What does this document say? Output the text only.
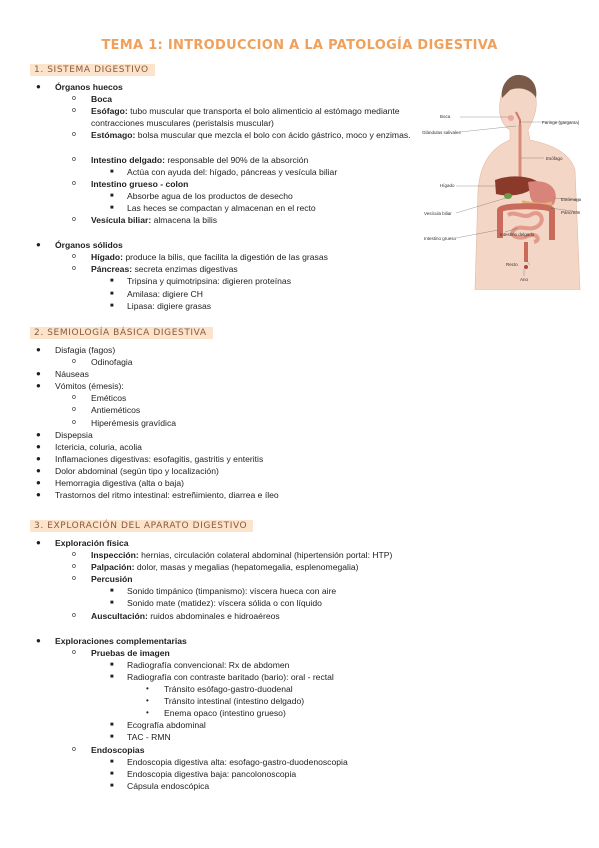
TEMA 1: INTRODUCCION A LA PATOLOGÍA DIGESTIVA
1. SISTEMA DIGESTIVO
● Órganos huecos
o Boca
o Esófago: tubo muscular que transporta el bolo alimenticio al estómago mediante contracciones musculares (peristalsis muscular)
o Estómago: bolsa muscular que mezcla el bolo con ácido gástrico, moco y enzimas.
o Intestino delgado: responsable del 90% de la absorción
■ Actúa con ayuda del: hígado, páncreas y vesícula biliar
o Intestino grueso - colon
■ Absorbe agua de los productos de desecho
■ Las heces se compactan y almacenan en el recto
o Vesícula biliar: almacena la bilis
● Órganos sólidos
o Hígado: produce la bilis, que facilita la digestión de las grasas
o Páncreas: secreta enzimas digestivas
■ Tripsina y quimotripsina: digieren proteínas
■ Amilasa: digiere CH
■ Lipasa: digiere grasas
Boca
Glándulas salivales
Faringe (garganta)
Esófago
Hígado
Estómago
Vesícula biliar	Páncreas
Intestino grueso
Intestino delgado
Recto
Ano
2. SEMIOLOGÍA BÁSICA DIGESTIVA
● Disfagia (fagos)
o Odinofagia
● Náuseas
● Vómitos (émesis):
o Eméticos
o Antieméticos
o Hiperémesis gravídica
● Dispepsia
● Ictericia, coluria, acolia
● Inflamaciones digestivas: esofagitis, gastritis y enteritis
● Dolor abdominal (según tipo y localización)
● Hemorragia digestiva (alta o baja)
● Trastornos del ritmo intestinal: estreñimiento, diarrea e íleo
3. EXPLORACIÓN DEL APARATO DIGESTIVO
● Exploración física
o Inspección: hernias, circulación colateral abdominal (hipertensión portal: HTP)
o Palpación: dolor, masas y megalias (hepatomegalia, esplenomegalia)
o Percusión
■ Sonido timpánico (timpanismo): víscera hueca con aire
■ Sonido mate (matidez): víscera sólida o con líquido
o Auscultación: ruidos abdominales e hidroaéreos
● Exploraciones complementarias
o Pruebas de imagen
■ Radiografía convencional: Rx de abdomen
■ Radiografía con contraste baritado (bario): oral - rectal
• Tránsito esófago-gastro-duodenal
• Tránsito intestinal (intestino delgado)
• Enema opaco (intestino grueso)
■ Ecografía abdominal
■ TAC - RMN
o Endoscopias
■ Endoscopia digestiva alta: esofago-gastro-duodenoscopia
■ Endoscopia digestiva baja: pancolonoscopia
■ Cápsula endoscópica
